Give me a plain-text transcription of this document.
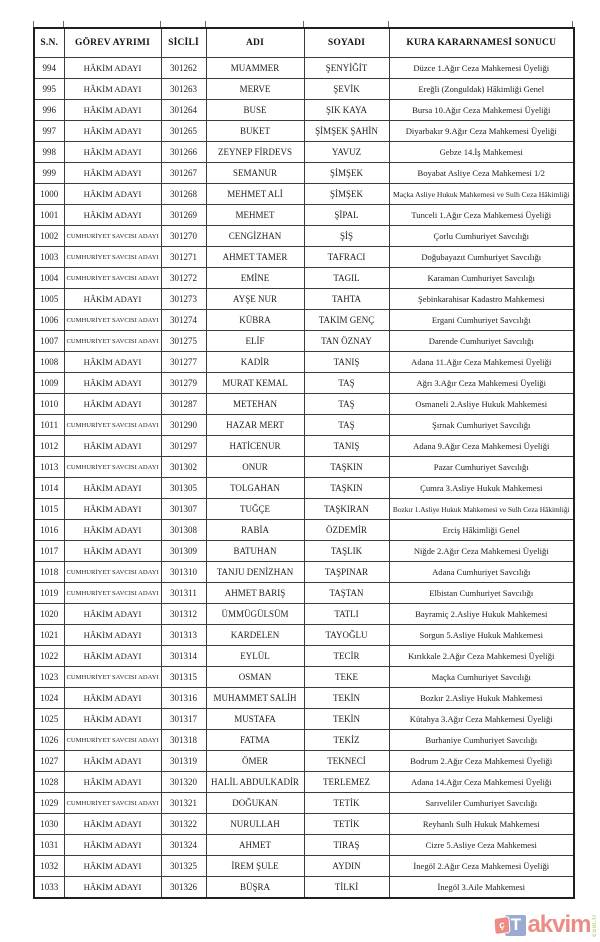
S.N.	GÖREV AYRIMI	SİCİLİ	ADI	SOYADI	KURA KARARNAMESİ SONUCU
994	HÂKİM ADAYI	301262	MUAMMER	ŞENYİĞİT	Düzce 1.Ağır Ceza Mahkemesi Üyeliği
995	HÂKİM ADAYI	301263	MERVE	ŞEVİK	Ereğli (Zonguldak) Hâkimliği Genel
996	HÂKİM ADAYI	301264	BUSE	ŞIK KAYA	Bursa 10.Ağır Ceza Mahkemesi Üyeliği
997	HÂKİM ADAYI	301265	BUKET	ŞİMŞEK ŞAHİN	Diyarbakır 9.Ağır Ceza Mahkemesi Üyeliği
998	HÂKİM ADAYI	301266	ZEYNEP FİRDEVS	YAVUZ	Gebze 14.İş Mahkemesi
999	HÂKİM ADAYI	301267	SEMANUR	ŞİMŞEK	Boyabat Asliye Ceza Mahkemesi 1/2
1000	HÂKİM ADAYI	301268	MEHMET ALİ	ŞİMŞEK	Maçka Asliye Hukuk Mahkemesi ve Sulh Ceza Hâkimliği
1001	HÂKİM ADAYI	301269	MEHMET	ŞİPAL	Tunceli 1.Ağır Ceza Mahkemesi Üyeliği
1002	CUMHURİYET SAVCISI ADAYI	301270	CENGİZHAN	ŞİŞ	Çorlu Cumhuriyet Savcılığı
1003	CUMHURİYET SAVCISI ADAYI	301271	AHMET TAMER	TAFRACI	Doğubayazıt Cumhuriyet Savcılığı
1004	CUMHURİYET SAVCISI ADAYI	301272	EMİNE	TAGIL	Karaman Cumhuriyet Savcılığı
1005	HÂKİM ADAYI	301273	AYŞE NUR	TAHTA	Şebinkarahisar Kadastro Mahkemesi
1006	CUMHURİYET SAVCISI ADAYI	301274	KÜBRA	TAKIM GENÇ	Ergani Cumhuriyet Savcılığı
1007	CUMHURİYET SAVCISI ADAYI	301275	ELİF	TAN ÖZNAY	Darende Cumhuriyet Savcılığı
1008	HÂKİM ADAYI	301277	KADİR	TANIŞ	Adana 11.Ağır Ceza Mahkemesi Üyeliği
1009	HÂKİM ADAYI	301279	MURAT KEMAL	TAŞ	Ağrı 3.Ağır Ceza Mahkemesi Üyeliği
1010	HÂKİM ADAYI	301287	METEHAN	TAŞ	Osmaneli 2.Asliye Hukuk Mahkemesi
1011	CUMHURİYET SAVCISI ADAYI	301290	HAZAR MERT	TAŞ	Şırnak Cumhuriyet Savcılığı
1012	HÂKİM ADAYI	301297	HATİCENUR	TANIŞ	Adana 9.Ağır Ceza Mahkemesi Üyeliği
1013	CUMHURİYET SAVCISI ADAYI	301302	ONUR	TAŞKIN	Pazar Cumhuriyet Savcılığı
1014	HÂKİM ADAYI	301305	TOLGAHAN	TAŞKIN	Çumra 3.Asliye Hukuk Mahkemesi
1015	HÂKİM ADAYI	301307	TUĞÇE	TAŞKIRAN	Bozkır 1.Asliye Hukuk Mahkemesi ve Sulh Ceza Hâkimliği
1016	HÂKİM ADAYI	301308	RABİA	ÖZDEMİR	Erciş Hâkimliği Genel
1017	HÂKİM ADAYI	301309	BATUHAN	TAŞLIK	Niğde 2.Ağır Ceza Mahkemesi Üyeliği
1018	CUMHURİYET SAVCISI ADAYI	301310	TANJU DENİZHAN	TAŞPINAR	Adana Cumhuriyet Savcılığı
1019	CUMHURİYET SAVCISI ADAYI	301311	AHMET BARIŞ	TAŞTAN	Elbistan Cumhuriyet Savcılığı
1020	HÂKİM ADAYI	301312	ÜMMÜGÜLSÜM	TATLI	Bayramiç 2.Asliye Hukuk Mahkemesi
1021	HÂKİM ADAYI	301313	KARDELEN	TAYOĞLU	Sorgun 5.Asliye Hukuk Mahkemesi
1022	HÂKİM ADAYI	301314	EYLÜL	TECİR	Kırıkkale 2.Ağır Ceza Mahkemesi Üyeliği
1023	CUMHURİYET SAVCISI ADAYI	301315	OSMAN	TEKE	Maçka Cumhuriyet Savcılığı
1024	HÂKİM ADAYI	301316	MUHAMMET SALİH	TEKİN	Bozkır 2.Asliye Hukuk Mahkemesi
1025	HÂKİM ADAYI	301317	MUSTAFA	TEKİN	Kütahya 3.Ağır Ceza Mahkemesi Üyeliği
1026	CUMHURİYET SAVCISI ADAYI	301318	FATMA	TEKİZ	Burhaniye Cumhuriyet Savcılığı
1027	HÂKİM ADAYI	301319	ÖMER	TEKNECİ	Bodrum 2.Ağır Ceza Mahkemesi Üyeliği
1028	HÂKİM ADAYI	301320	HALİL ABDULKADİR	TERLEMEZ	Adana 14.Ağır Ceza Mahkemesi Üyeliği
1029	CUMHURİYET SAVCISI ADAYI	301321	DOĞUKAN	TETİK	Sarıveliler Cumhuriyet Savcılığı
1030	HÂKİM ADAYI	301322	NURULLAH	TETİK	Reyhanlı Sulh Hukuk Mahkemesi
1031	HÂKİM ADAYI	301324	AHMET	TIRAŞ	Cizre 5.Asliye Ceza Mahkemesi
1032	HÂKİM ADAYI	301325	İREM ŞULE	AYDIN	İnegöl 2.Ağır Ceza Mahkemesi Üyeliği
1033	HÂKİM ADAYI	301326	BÜŞRA	TİLKİ	İnegöl 3.Aile Mahkemesi
ç T akvim com.tr
